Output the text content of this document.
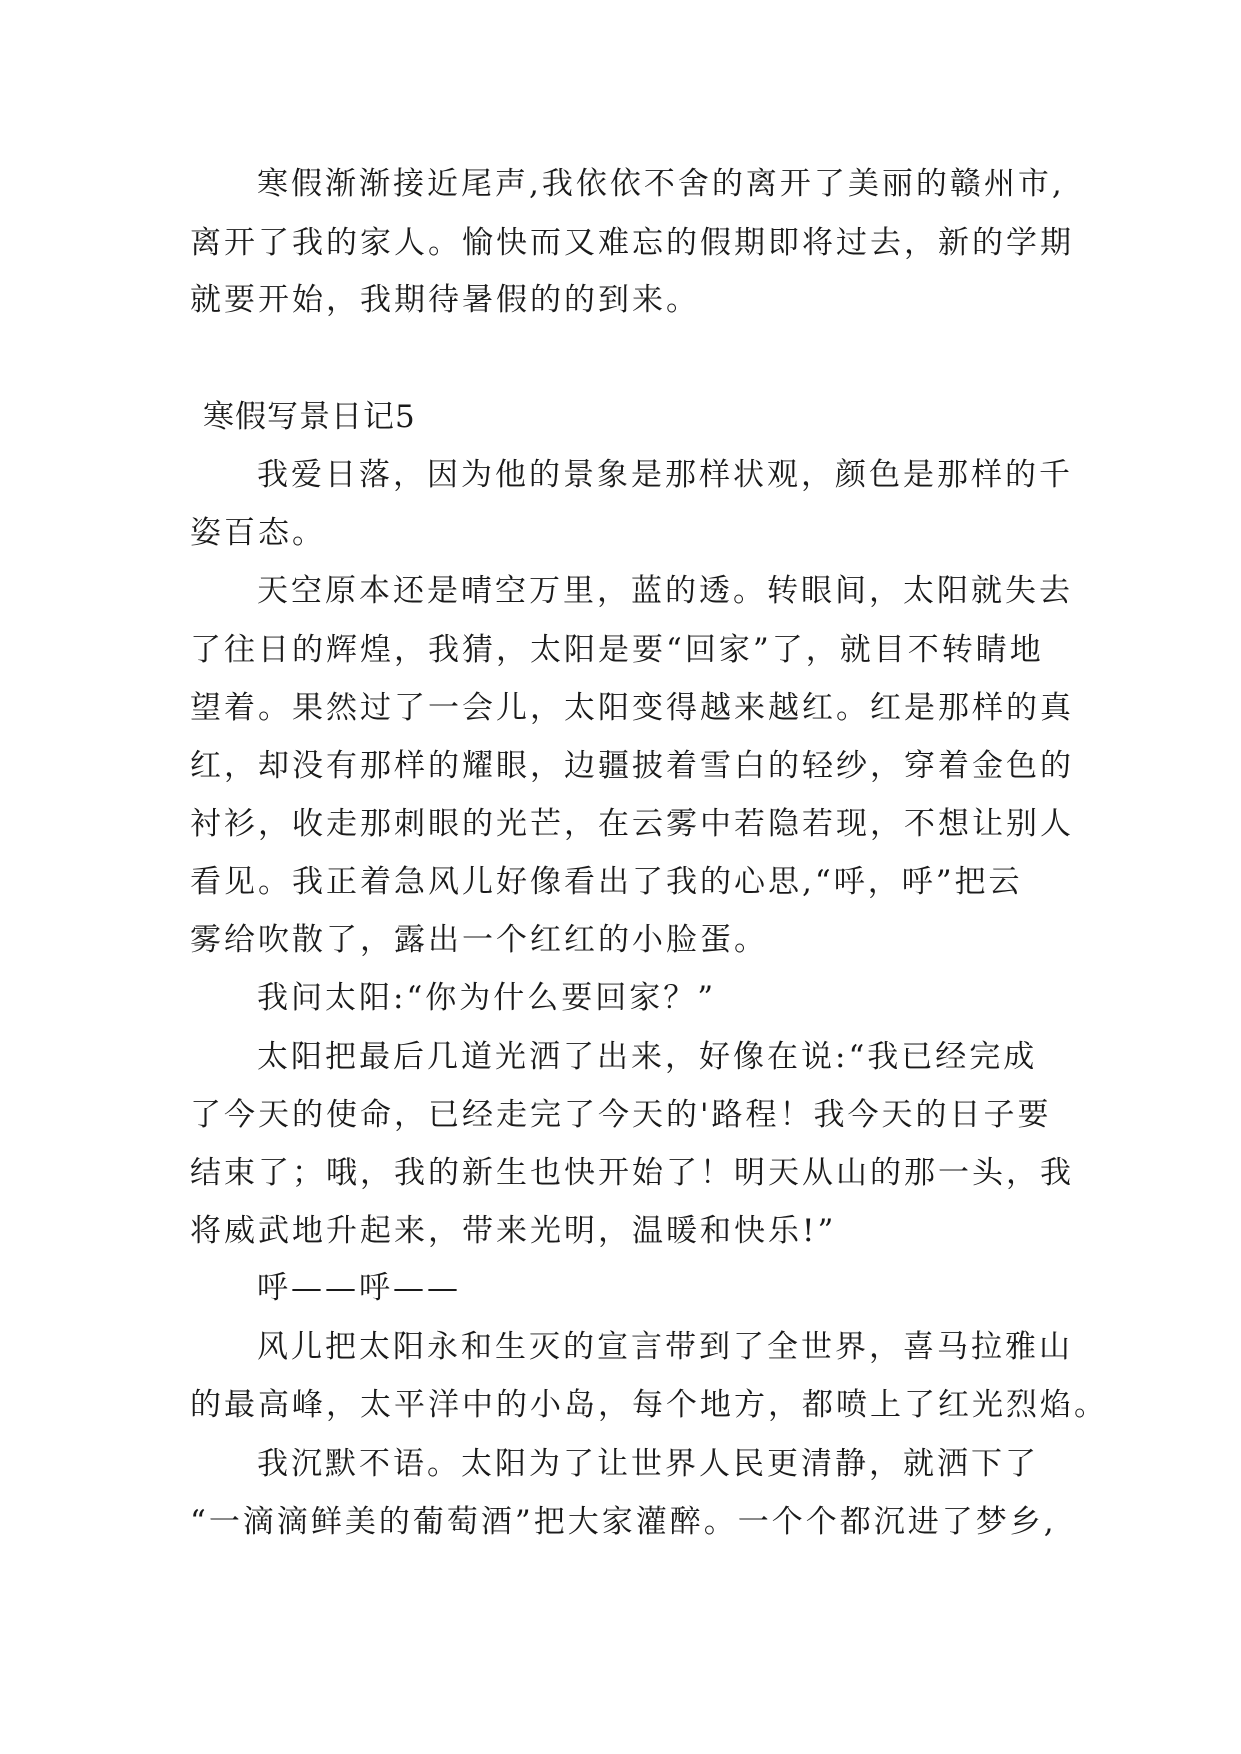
寒假渐渐接近尾声,我依依不舍的离开了美丽的赣州市,
离开了我的家人。愉快而又难忘的假期即将过去，新的学期
就要开始，我期待暑假的的到来。
寒假写景日记5
我爱日落，因为他的景象是那样状观，颜色是那样的千
姿百态。
天空原本还是晴空万里，蓝的透。转眼间，太阳就失去
了往日的辉煌，我猜，太阳是要“回家”了，就目不转睛地
望着。果然过了一会儿，太阳变得越来越红。红是那样的真
红，却没有那样的耀眼，边疆披着雪白的轻纱，穿着金色的
衬衫，收走那刺眼的光芒，在云雾中若隐若现，不想让别人
看见。我正着急风儿好像看出了我的心思,“呼，呼”把云
雾给吹散了，露出一个红红的小脸蛋。
我问太阳:“你为什么要回家？”
太阳把最后几道光洒了出来，好像在说:“我已经完成
了今天的使命，已经走完了今天的'路程！我今天的日子要
结束了；哦，我的新生也快开始了！明天从山的那一头，我
将威武地升起来，带来光明，温暖和快乐!”
呼——呼——
风儿把太阳永和生灭的宣言带到了全世界，喜马拉雅山
的最高峰，太平洋中的小岛，每个地方，都喷上了红光烈焰。
我沉默不语。太阳为了让世界人民更清静，就洒下了
“一滴滴鲜美的葡萄酒”把大家灌醉。一个个都沉进了梦乡,
